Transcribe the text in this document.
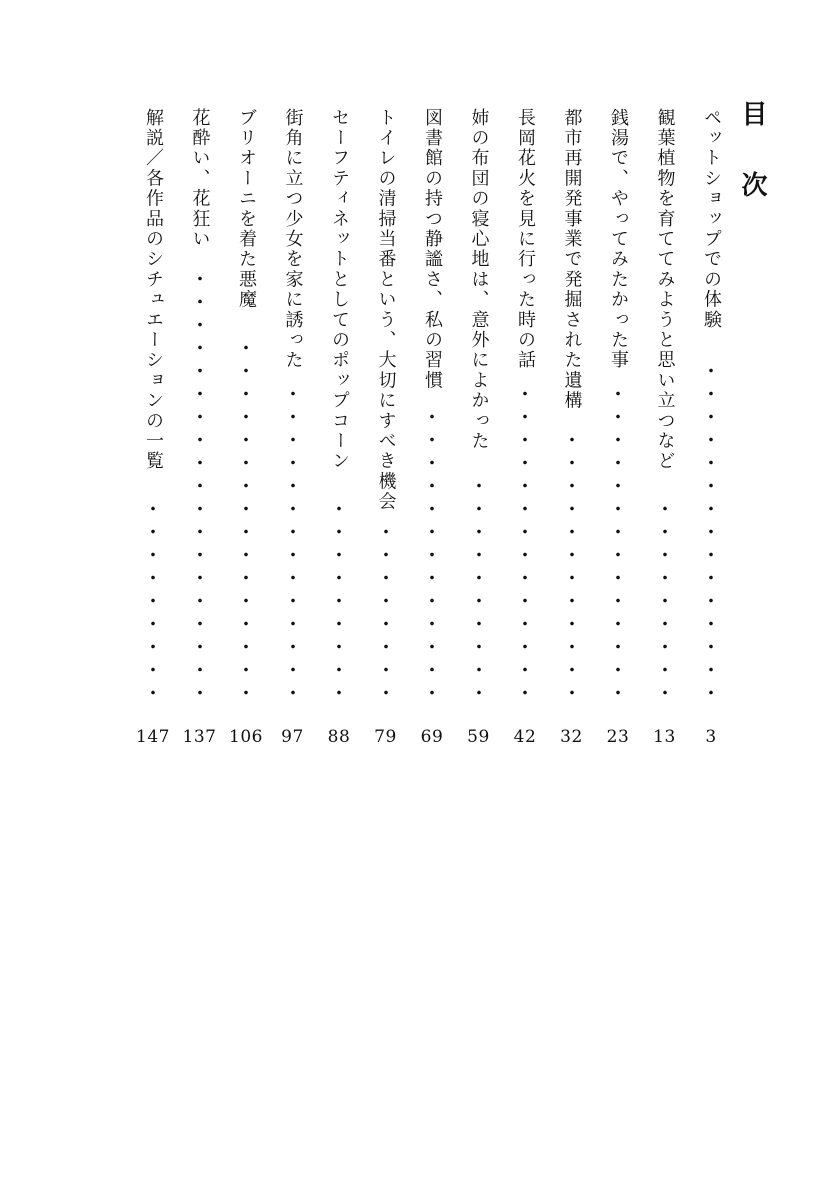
目 次
ペットショップでの体験
3
観葉植物を育ててみようと思い立つなど
13
銭湯で、やってみたかった事
23
都市再開発事業で発掘された遺構
32
長岡花火を見に行った時の話
42
姉の布団の寝心地は、意外によかった
59
図書館の持つ静謐さ、私の習慣
69
トイレの清掃当番という、大切にすべき機会
79
セーフティネットとしてのポップコーン
88
街角に立つ少女を家に誘った
97
ブリオーニを着た悪魔
106
花酔い、花狂い
137
解説／各作品のシチュエーションの一覧
147
